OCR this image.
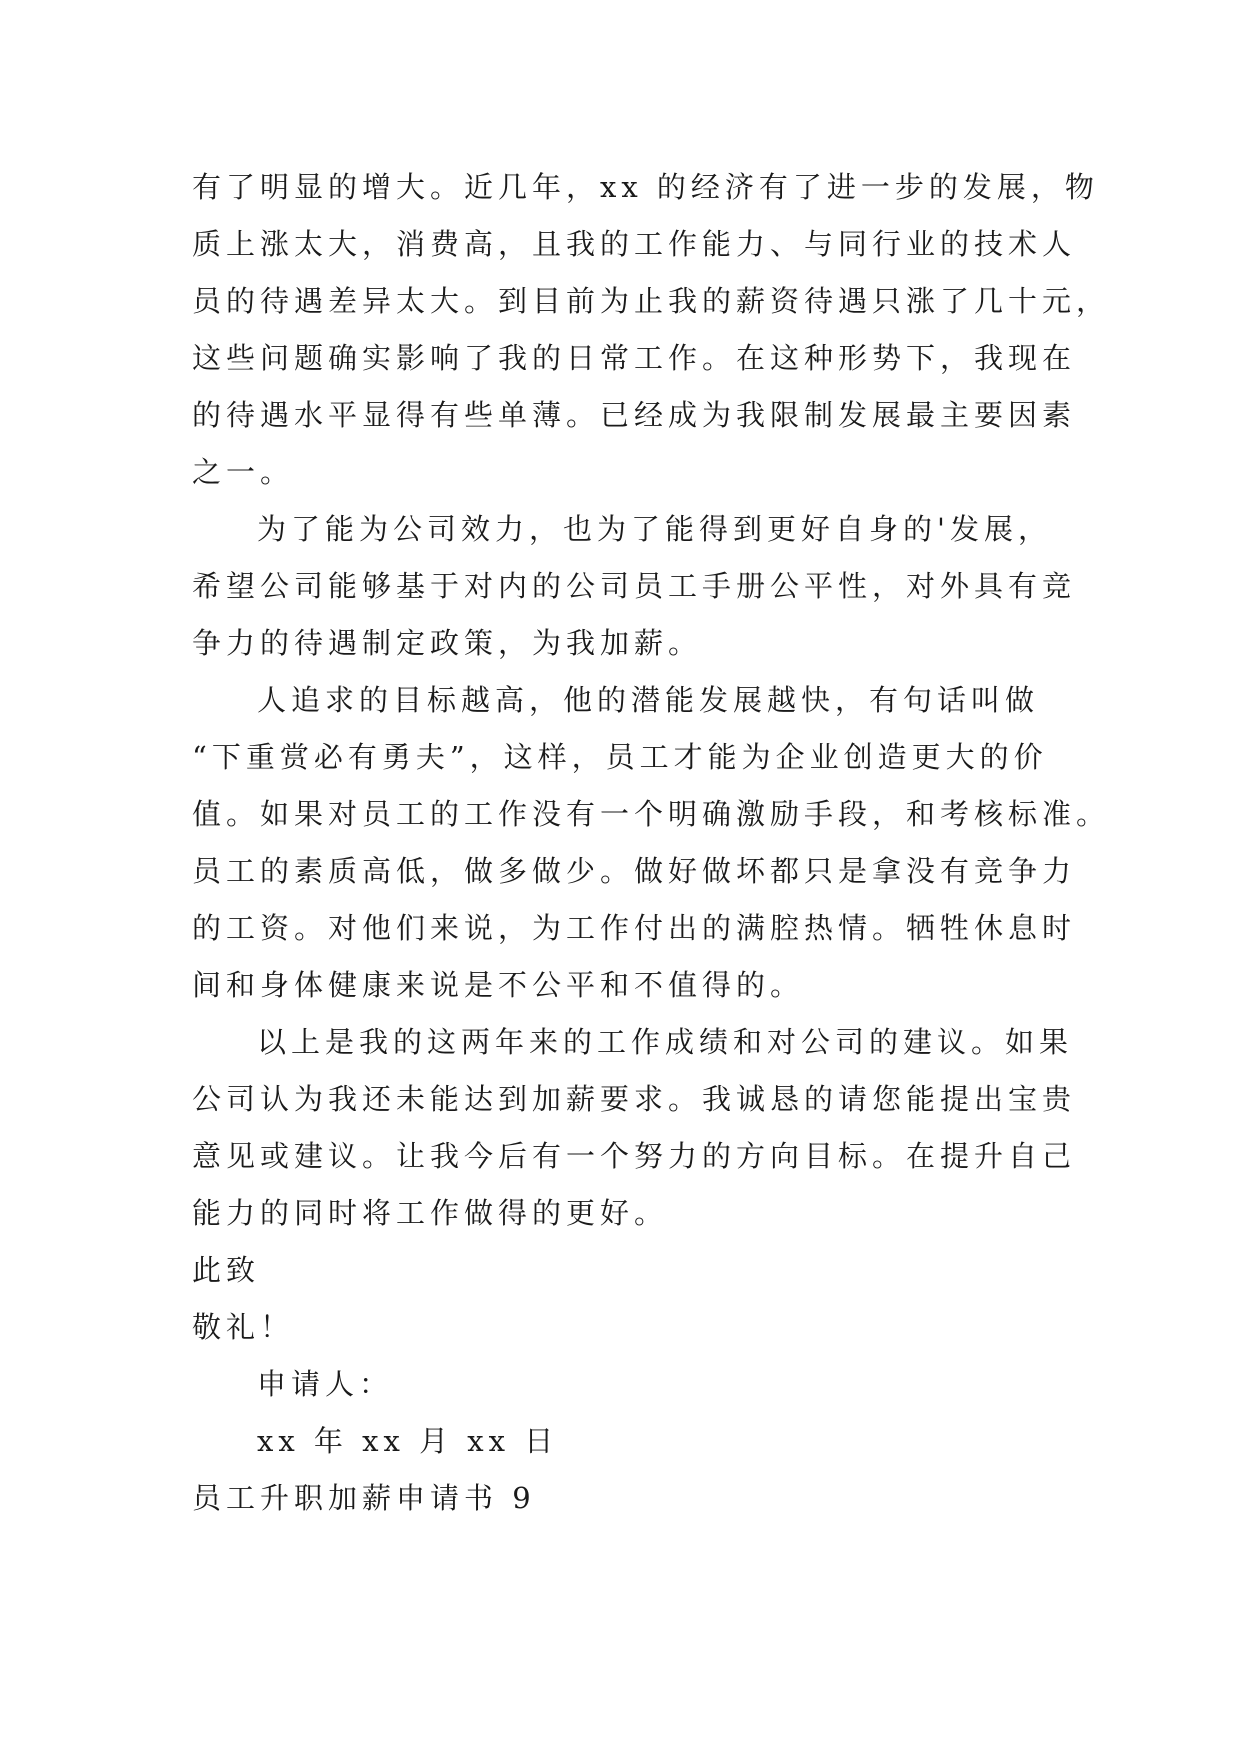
有了明显的增大。近几年，xx 的经济有了进一步的发展，物
质上涨太大，消费高，且我的工作能力、与同行业的技术人
员的待遇差异太大。到目前为止我的薪资待遇只涨了几十元，
这些问题确实影响了我的日常工作。在这种形势下，我现在
的待遇水平显得有些单薄。已经成为我限制发展最主要因素
之一。
为了能为公司效力，也为了能得到更好自身的'发展，
希望公司能够基于对内的公司员工手册公平性，对外具有竞
争力的待遇制定政策，为我加薪。
人追求的目标越高，他的潜能发展越快，有句话叫做
“下重赏必有勇夫”，这样，员工才能为企业创造更大的价
值。如果对员工的工作没有一个明确激励手段，和考核标准。
员工的素质高低，做多做少。做好做坏都只是拿没有竞争力
的工资。对他们来说，为工作付出的满腔热情。牺牲休息时
间和身体健康来说是不公平和不值得的。
以上是我的这两年来的工作成绩和对公司的建议。如果
公司认为我还未能达到加薪要求。我诚恳的请您能提出宝贵
意见或建议。让我今后有一个努力的方向目标。在提升自己
能力的同时将工作做得的更好。
此致
敬礼！
申请人：
xx 年 xx 月 xx 日
员工升职加薪申请书 9
